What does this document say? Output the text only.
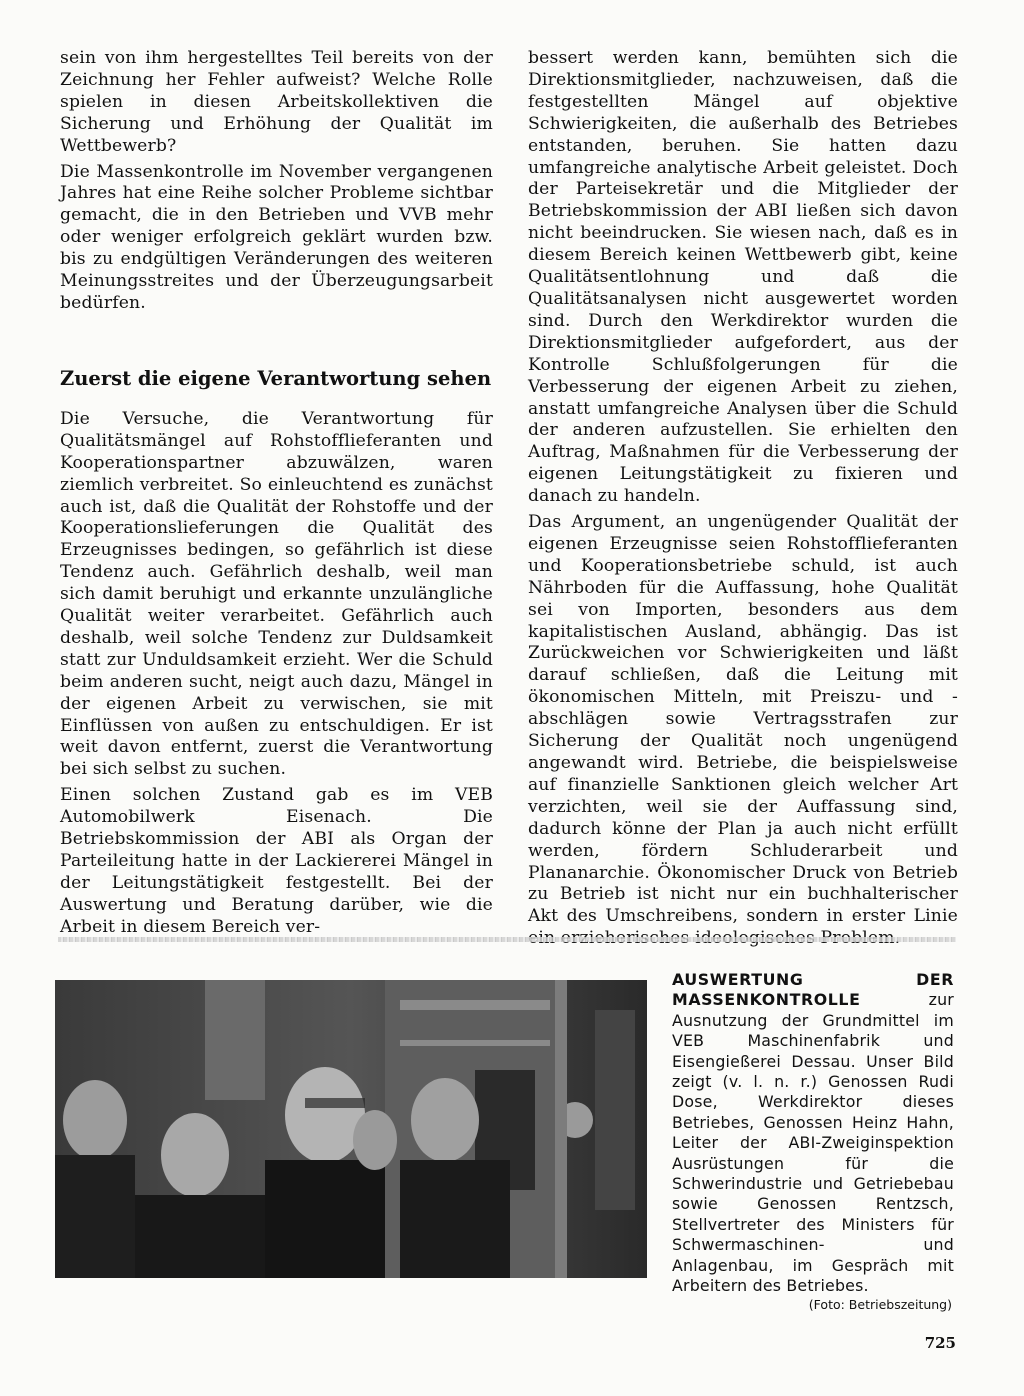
sein von ihm hergestelltes Teil bereits von der Zeichnung her Fehler aufweist? Welche Rolle spielen in diesen Arbeitskollektiven die Sicherung und Erhöhung der Qualität im Wettbewerb?

Die Massenkontrolle im November vergangenen Jahres hat eine Reihe solcher Probleme sichtbar gemacht, die in den Betrieben und VVB mehr oder weniger erfolgreich geklärt wurden bzw. bis zu endgültigen Veränderungen des weiteren Meinungsstreites und der Überzeugungsarbeit bedürfen.

Zuerst die eigene Verantwortung sehen

Die Versuche, die Verantwortung für Qualitätsmängel auf Rohstofflieferanten und Kooperationspartner abzuwälzen, waren ziemlich verbreitet. So einleuchtend es zunächst auch ist, daß die Qualität der Rohstoffe und der Kooperationslieferungen die Qualität des Erzeugnisses bedingen, so gefährlich ist diese Tendenz auch. Gefährlich deshalb, weil man sich damit beruhigt und erkannte unzulängliche Qualität weiter verarbeitet. Gefährlich auch deshalb, weil solche Tendenz zur Duldsamkeit statt zur Unduldsamkeit erzieht. Wer die Schuld beim anderen sucht, neigt auch dazu, Mängel in der eigenen Arbeit zu verwischen, sie mit Einflüssen von außen zu entschuldigen. Er ist weit davon entfernt, zuerst die Verantwortung bei sich selbst zu suchen.

Einen solchen Zustand gab es im VEB Automobilwerk Eisenach. Die Betriebskommission der ABI als Organ der Parteileitung hatte in der Lackiererei Mängel in der Leitungstätigkeit festgestellt. Bei der Auswertung und Beratung darüber, wie die Arbeit in diesem Bereich ver-

bessert werden kann, bemühten sich die Direktionsmitglieder, nachzuweisen, daß die festgestellten Mängel auf objektive Schwierigkeiten, die außerhalb des Betriebes entstanden, beruhen. Sie hatten dazu umfangreiche analytische Arbeit geleistet. Doch der Parteisekretär und die Mitglieder der Betriebskommission der ABI ließen sich davon nicht beeindrucken. Sie wiesen nach, daß es in diesem Bereich keinen Wettbewerb gibt, keine Qualitätsentlohnung und daß die Qualitätsanalysen nicht ausgewertet worden sind. Durch den Werkdirektor wurden die Direktionsmitglieder aufgefordert, aus der Kontrolle Schlußfolgerungen für die Verbesserung der eigenen Arbeit zu ziehen, anstatt umfangreiche Analysen über die Schuld der anderen aufzustellen. Sie erhielten den Auftrag, Maßnahmen für die Verbesserung der eigenen Leitungstätigkeit zu fixieren und danach zu handeln.

Das Argument, an ungenügender Qualität der eigenen Erzeugnisse seien Rohstofflieferanten und Kooperationsbetriebe schuld, ist auch Nährboden für die Auffassung, hohe Qualität sei von Importen, besonders aus dem kapitalistischen Ausland, abhängig. Das ist Zurückweichen vor Schwierigkeiten und läßt darauf schließen, daß die Leitung mit ökonomischen Mitteln, mit Preiszu- und -abschlägen sowie Vertragsstrafen zur Sicherung der Qualität noch ungenügend angewandt wird. Betriebe, die beispielsweise auf finanzielle Sanktionen gleich welcher Art verzichten, weil sie der Auffassung sind, dadurch könne der Plan ja auch nicht erfüllt werden, fördern Schluderarbeit und Plananarchie. Ökonomischer Druck von Betrieb zu Betrieb ist nicht nur ein buchhalterischer Akt des Umschreibens, sondern in erster Linie

AUSWERTUNG DER MASSENKONTROLLE zur Ausnutzung der Grundmittel im VEB Maschinenfabrik und Eisengießerei Dessau. Unser Bild zeigt (v. l. n. r.) Genossen Rudi Dose, Werkdirektor dieses Betriebes, Genossen Heinz Hahn, Leiter der ABI-Zweiginspektion Ausrüstungen für die Schwerindustrie und Getriebebau sowie Genossen Rentzsch, Stellvertreter des Ministers für Schwermaschinen- und Anlagenbau, im Gespräch mit Arbeitern des Betriebes.
(Foto: Betriebszeitung)
725
